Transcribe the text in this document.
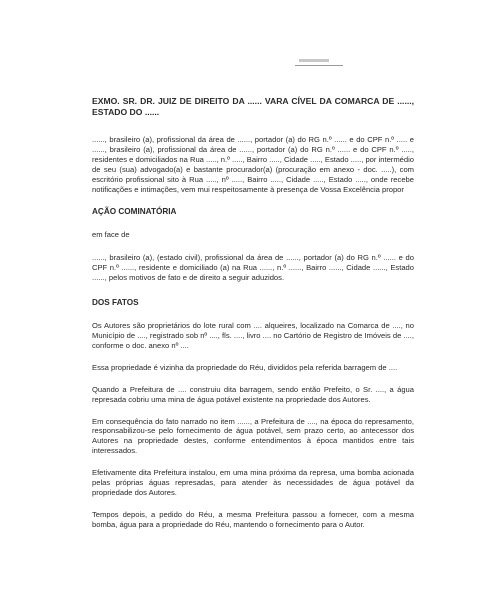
EXMO. SR. DR. JUIZ DE DIREITO DA ...... VARA CÍVEL DA COMARCA DE ......, ESTADO DO ......
......, brasileiro (a), profissional da área de ......, portador (a) do RG n.º ...... e do CPF n.º ..... e ......, brasileiro (a), profissional da área de ......, portador (a) do RG n.º ...... e do CPF n.º ....., residentes e domiciliados na Rua ....., n.º ....., Bairro ....., Cidade ....., Estado ....., por intermédio de seu (sua) advogado(a) e bastante procurador(a) (procuração em anexo - doc. .....), com escritório profissional sito à Rua ....., nº ....., Bairro ....., Cidade ....., Estado ....., onde recebe notificações e intimações, vem mui respeitosamente à presença de Vossa Excelência propor
AÇÃO COMINATÓRIA
em face de
......, brasileiro (a), (estado civil), profissional da área de ......, portador (a) do RG n.º ...... e do CPF n.º ......, residente e domiciliado (a) na Rua ......, n.º ......, Bairro ......, Cidade ......, Estado ......, pelos motivos de fato e de direito a seguir aduzidos.
DOS FATOS
Os Autores são proprietários do lote rural com .... alqueires, localizado na Comarca de ...., no Município de ...., registrado sob nº ...., fls. ...., livro .... no Cartório de Registro de Imóveis de ...., conforme o doc. anexo nº ....
Essa propriedade é vizinha da propriedade do Réu, divididos pela referida barragem de ....
Quando a Prefeitura de .... construiu dita barragem, sendo então Prefeito, o Sr. ...., a água represada cobriu uma mina de água potável existente na propriedade dos Autores.
Em consequência do fato narrado no item ......, a Prefeitura de ...., na época do represamento, responsabilizou-se pelo fornecimento de água potável, sem prazo certo, ao antecessor dos Autores na propriedade destes, conforme entendimentos à época mantidos entre tais interessados.
Efetivamente dita Prefeitura instalou, em uma mina próxima da represa, uma bomba acionada pelas próprias águas represadas, para atender às necessidades de água potável da propriedade dos Autores.
Tempos depois, a pedido do Réu, a mesma Prefeitura passou a fornecer, com a mesma bomba, água para a propriedade do Réu, mantendo o fornecimento para o Autor.
